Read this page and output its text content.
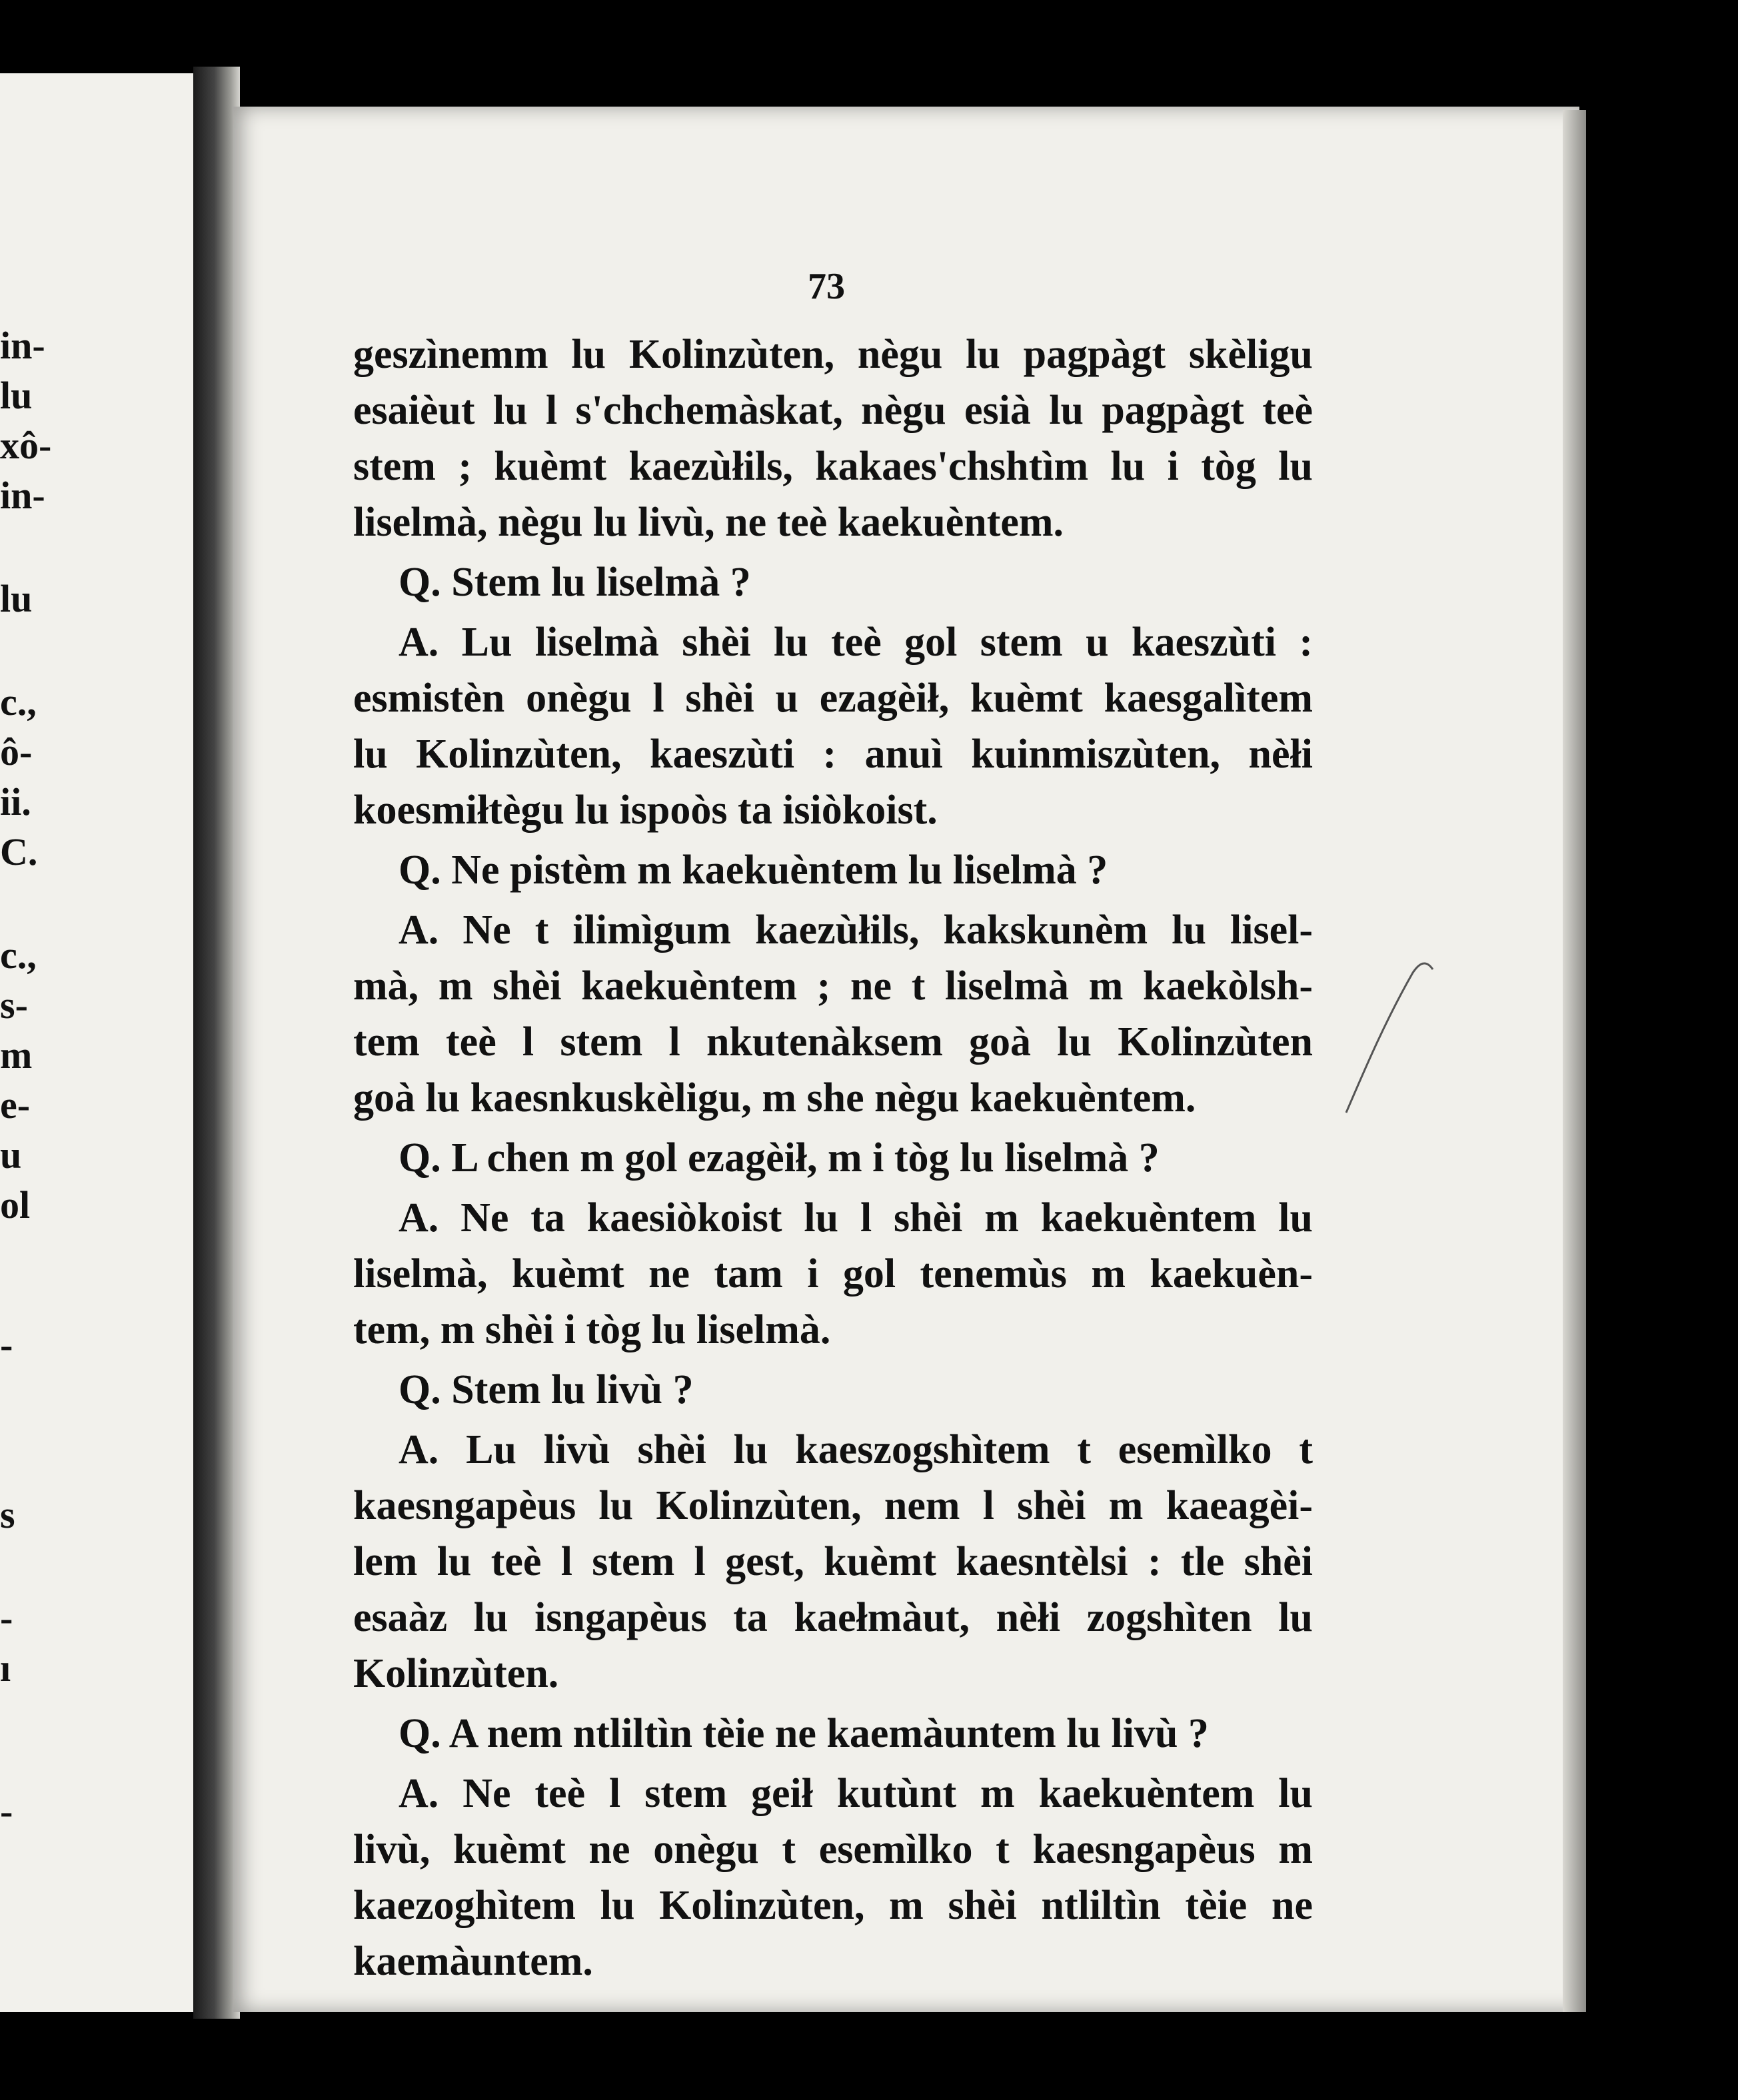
in-
lu
xô-
in-
lu
c.,
ô-
ii.
C.
c.,
s-
m
e-
u
ol
-
s
-
ı
-
73
geszìnemm lu Kolinzùten, nègu lu pagpàgt skèligu
esaièut lu l s'chchemàskat, nègu esià lu pagpàgt teè
stem ; kuèmt kaezùłils, kakaes'chshtìm lu i tòg lu
liselmà, nègu lu livù, ne teè kaekuèntem.
Q. Stem lu liselmà ?
A. Lu liselmà shèi lu teè gol stem u kaeszùti :
esmistèn onègu l shèi u ezagèił, kuèmt kaesgalìtem
lu Kolinzùten, kaeszùti : anuì kuinmiszùten, nèłi
koesmiłtègu lu ispoòs ta isiòkoist.
Q. Ne pistèm m kaekuèntem lu liselmà ?
A. Ne t ilimìgum kaezùłils, kakskunèm lu lisel-
mà, m shèi kaekuèntem ; ne t liselmà m kaekòlsh-
tem teè l stem l nkutenàksem goà lu Kolinzùten
goà lu kaesnkuskèligu, m she nègu kaekuèntem.
Q. L chen m gol ezagèił, m i tòg lu liselmà ?
A. Ne ta kaesiòkoist lu l shèi m kaekuèntem lu
liselmà, kuèmt ne tam i gol tenemùs m kaekuèn-
tem, m shèi i tòg lu liselmà.
Q. Stem lu livù ?
A. Lu livù shèi lu kaeszogshìtem t esemìlko t
kaesngapèus lu Kolinzùten, nem l shèi m kaeagèi-
lem lu teè l stem l gest, kuèmt kaesntèlsi : tle shèi
esaàz lu isngapèus ta kaełmàut, nèłi zogshìten lu
Kolinzùten.
Q. A nem ntliltìn tèie ne kaemàuntem lu livù ?
A. Ne teè l stem geił kutùnt m kaekuèntem lu
livù, kuèmt ne onègu t esemìlko t kaesngapèus m
kaezoghìtem lu Kolinzùten, m shèi ntliltìn tèie ne
kaemàuntem.
